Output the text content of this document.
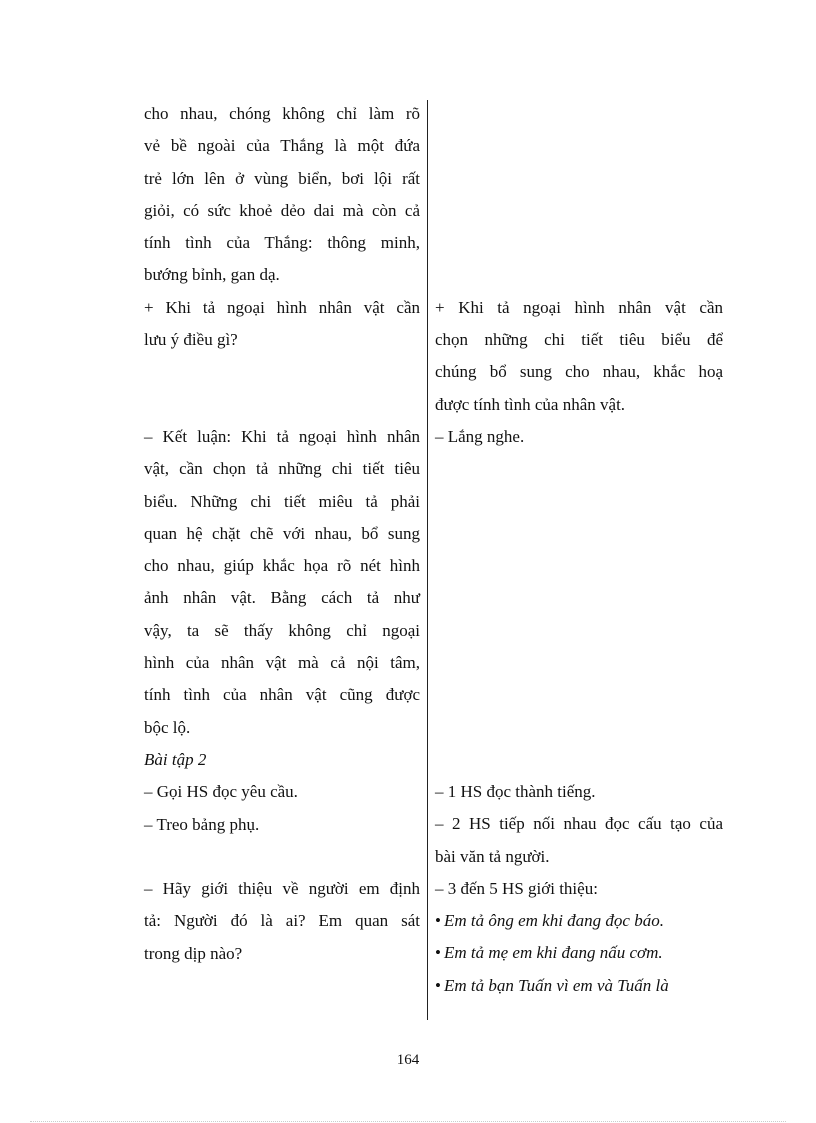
cho nhau, chóng không chỉ làm rõ
vẻ bề ngoài của Thắng là một đứa
trẻ lớn lên ở vùng biển, bơi lội rất
giỏi, có sức khoẻ dẻo dai mà còn cả
tính tình của Thắng: thông minh,
bướng bỉnh, gan dạ.
+ Khi tả ngoại hình nhân vật cần
lưu ý điều gì?
– Kết luận: Khi tả ngoại hình nhân
vật, cần chọn tả những chi tiết tiêu
biểu. Những chi tiết miêu tả phải
quan hệ chặt chẽ với nhau, bổ sung
cho nhau, giúp khắc họa rõ nét hình
ảnh nhân vật. Bằng cách tả như
vậy, ta sẽ thấy không chỉ ngoại
hình của nhân vật mà cả nội tâm,
tính tình của nhân vật cũng được
bộc lộ.
Bài tập 2
– Gọi HS đọc yêu cầu.
– Treo bảng phụ.
– Hãy giới thiệu về người em định
tả: Người đó là ai? Em quan sát
trong dịp nào?
+ Khi tả ngoại hình nhân vật cần
chọn những chi tiết tiêu biểu để
chúng bổ sung cho nhau, khắc hoạ
được tính tình của nhân vật.
– Lắng nghe.
– 1 HS đọc thành tiếng.
– 2 HS tiếp nối nhau đọc cấu tạo của
bài văn tả người.
– 3 đến 5 HS giới thiệu:
• Em tả ông em khi đang đọc báo.
• Em tả mẹ em khi đang nấu cơm.
• Em tả bạn Tuấn vì em và Tuấn là
164
